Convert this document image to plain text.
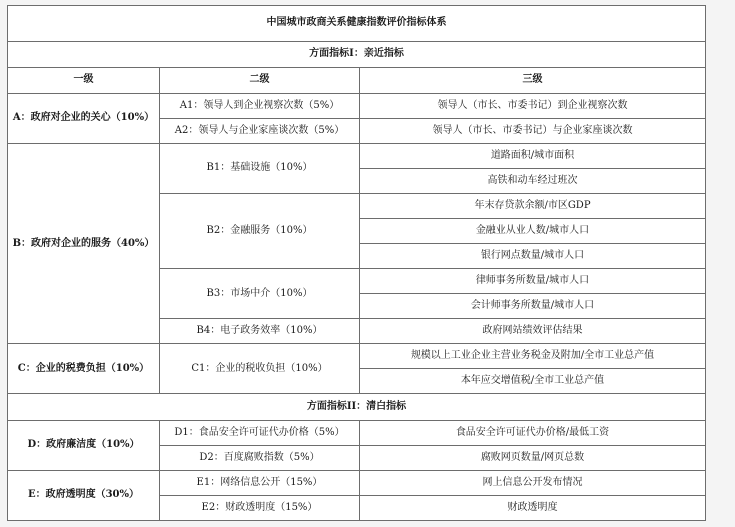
中国城市政商关系健康指数评价指标体系		
方面指标I：亲近指标		
一级	二级	三级
A：政府对企业的关心（10%）	A1：领导人到企业视察次数（5%）	领导人（市长、市委书记）到企业视察次数
	A2：领导人与企业家座谈次数（5%）	领导人（市长、市委书记）与企业家座谈次数
B：政府对企业的服务（40%）	B1：基础设施（10%）	道路面积/城市面积
		高铁和动车经过班次
	B2：金融服务（10%）	年末存贷款余额/市区GDP
		金融业从业人数/城市人口
		银行网点数量/城市人口
	B3：市场中介（10%）	律师事务所数量/城市人口
		会计师事务所数量/城市人口
	B4：电子政务效率（10%）	政府网站绩效评估结果
C：企业的税费负担（10%）	C1：企业的税收负担（10%）	规模以上工业企业主营业务税金及附加/全市工业总产值
		本年应交增值税/全市工业总产值
方面指标II：清白指标		
D：政府廉洁度（10%）	D1：食品安全许可证代办价格（5%）	食品安全许可证代办价格/最低工资
	D2：百度腐败指数（5%）	腐败网页数量/网页总数
E：政府透明度（30%）	E1：网络信息公开（15%）	网上信息公开发布情况
	E2：财政透明度（15%）	财政透明度
